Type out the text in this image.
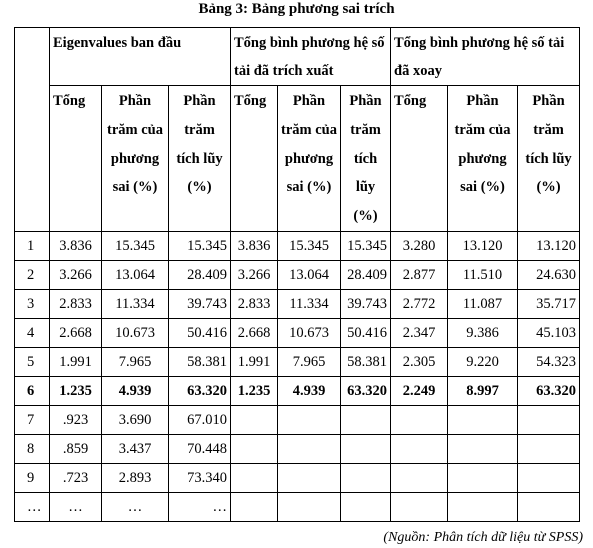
Bảng 3: Bảng phương sai trích
	Eigenvalues ban đầu			Tổng bình phương hệ số tải đã trích xuất			Tổng bình phương hệ số tải đã xoay		
	Tổng	Phần trăm của phương sai (%)	Phần trăm tích lũy (%)	Tổng	Phần trăm của phương sai (%)	Phần trăm tích lũy (%)	Tổng	Phần trăm của phương sai (%)	Phần trăm tích lũy (%)
1	3.836	15.345	15.345	3.836	15.345	15.345	3.280	13.120	13.120
2	3.266	13.064	28.409	3.266	13.064	28.409	2.877	11.510	24.630
3	2.833	11.334	39.743	2.833	11.334	39.743	2.772	11.087	35.717
4	2.668	10.673	50.416	2.668	10.673	50.416	2.347	9.386	45.103
5	1.991	7.965	58.381	1.991	7.965	58.381	2.305	9.220	54.323
6	1.235	4.939	63.320	1.235	4.939	63.320	2.249	8.997	63.320
7	.923	3.690	67.010						
8	.859	3.437	70.448						
9	.723	2.893	73.340						
…	…	…	…						
(Nguồn: Phân tích dữ liệu từ SPSS)
